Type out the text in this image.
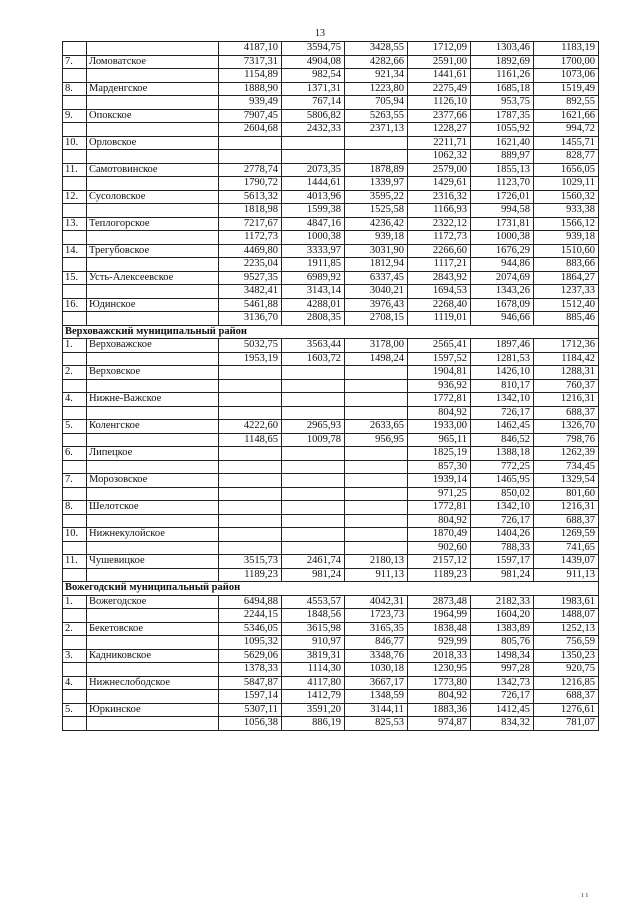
13
		4187,10	3594,75	3428,55	1712,09	1303,46	1183,19
7.	Ломоватское	7317,31	4904,08	4282,66	2591,00	1892,69	1700,00
		1154,89	982,54	921,34	1441,61	1161,26	1073,06
8.	Марденгское	1888,90	1371,31	1223,80	2275,49	1685,18	1519,49
		939,49	767,14	705,94	1126,10	953,75	892,55
9.	Опокское	7907,45	5806,82	5263,55	2377,66	1787,35	1621,66
		2604,68	2432,33	2371,13	1228,27	1055,92	994,72
10.	Орловское				2211,71	1621,40	1455,71
					1062,32	889,97	828,77
11.	Самотовинское	2778,74	2073,35	1878,89	2579,00	1855,13	1656,05
		1790,72	1444,61	1339,97	1429,61	1123,70	1029,11
12.	Сусоловское	5613,32	4013,96	3595,22	2316,32	1726,01	1560,32
		1818,98	1599,38	1525,58	1166,93	994,58	933,38
13.	Теплогорское	7217,67	4847,16	4236,42	2322,12	1731,81	1566,12
		1172,73	1000,38	939,18	1172,73	1000,38	939,18
14.	Трегубовское	4469,80	3333,97	3031,90	2266,60	1676,29	1510,60
		2235,04	1911,85	1812,94	1117,21	944,86	883,66
15.	Усть-Алексеевское	9527,35	6989,92	6337,45	2843,92	2074,69	1864,27
		3482,41	3143,14	3040,21	1694,53	1343,26	1237,33
16.	Юдинское	5461,88	4288,01	3976,43	2268,40	1678,09	1512,40
		3136,70	2808,35	2708,15	1119,01	946,66	885,46
Верховажский муниципальный район							
1.	Верховажское	5032,75	3563,44	3178,00	2565,41	1897,46	1712,36
		1953,19	1603,72	1498,24	1597,52	1281,53	1184,42
2.	Верховское				1904,81	1426,10	1288,31
					936,92	810,17	760,37
4.	Нижне-Важское				1772,81	1342,10	1216,31
					804,92	726,17	688,37
5.	Коленгское	4222,60	2965,93	2633,65	1933,00	1462,45	1326,70
		1148,65	1009,78	956,95	965,11	846,52	798,76
6.	Липецкое				1825,19	1388,18	1262,39
					857,30	772,25	734,45
7.	Морозовское				1939,14	1465,95	1329,54
					971,25	850,02	801,60
8.	Шелотское				1772,81	1342,10	1216,31
					804,92	726,17	688,37
10.	Нижнекулойское				1870,49	1404,26	1269,59
					902,60	788,33	741,65
11.	Чушевицкое	3515,73	2461,74	2180,13	2157,12	1597,17	1439,07
		1189,23	981,24	911,13	1189,23	981,24	911,13
Вожегодский муниципальный район							
1.	Вожегодское	6494,88	4553,57	4042,31	2873,48	2182,33	1983,61
		2244,15	1848,56	1723,73	1964,99	1604,20	1488,07
2.	Бекетовское	5346,05	3615,98	3165,35	1838,48	1383,89	1252,13
		1095,32	910,97	846,77	929,99	805,76	756,59
3.	Кадниковское	5629,06	3819,31	3348,76	2018,33	1498,34	1350,23
		1378,33	1114,30	1030,18	1230,95	997,28	920,75
4.	Нижнеслободское	5847,87	4117,80	3667,17	1773,80	1342,73	1216,85
		1597,14	1412,79	1348,59	804,92	726,17	688,37
5.	Юркинское	5307,11	3591,20	3144,11	1883,36	1412,45	1276,61
		1056,38	886,19	825,53	974,87	834,32	781,07
ı ı
